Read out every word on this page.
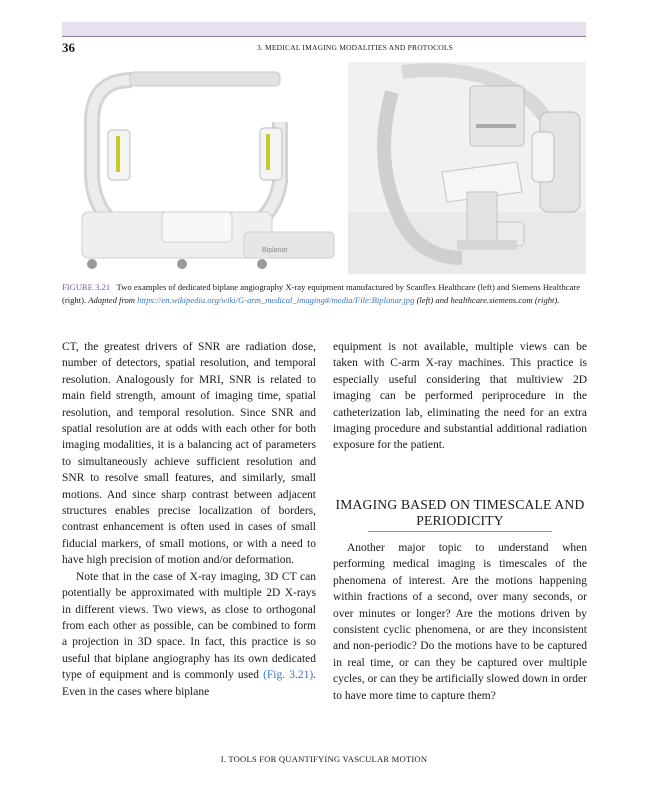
36	3. MEDICAL IMAGING MODALITIES AND PROTOCOLS
Biplanar
FIGURE 3.21 Two examples of dedicated biplane angiography X-ray equipment manufactured by Scanflex Healthcare (left) and Siemens Healthcare (right). Adapted from https://en.wikipedia.org/wiki/G-arm_medical_imaging#/media/File:Biplanar.jpg (left) and healthcare.siemens.com (right).

CT, the greatest drivers of SNR are radiation dose, number of detectors, spatial resolution, and temporal resolution. Analogously for MRI, SNR is related to main field strength, amount of imaging time, spatial resolution, and temporal resolution. Since SNR and spatial resolution are at odds with each other for both imaging modalities, it is a balancing act of parameters to simultaneously achieve sufficient resolution and SNR to resolve small features, and similarly, small motions. And since sharp contrast between adjacent structures enables precise localization of borders, contrast enhancement is often used in cases of small fiducial markers, of small motions, or with a need to have high precision of motion and/or deformation.

Note that in the case of X-ray imaging, 3D CT can potentially be approximated with multiple 2D X-rays in different views. Two views, as close to orthogonal from each other as possible, can be combined to form a projection in 3D space. In fact, this practice is so useful that biplane angiography has its own dedicated type of equipment and is commonly used (Fig. 3.21). Even in the cases where biplane

equipment is not available, multiple views can be taken with C-arm X-ray machines. This practice is especially useful considering that multiview 2D imaging can be performed periprocedure in the catheterization lab, eliminating the need for an extra imaging procedure and substantial additional radiation exposure for the patient.

IMAGING BASED ON TIMESCALE AND PERIODICITY

Another major topic to understand when performing medical imaging is timescales of the phenomena of interest. Are the motions happening within fractions of a second, over many seconds, or over minutes or longer? Are the motions driven by consistent cyclic phenomena, or are they inconsistent and non-periodic? Do the motions have to be captured in real time, or can they be captured over multiple cycles, or can they be artificially slowed down in order to have more time to capture them?

I. TOOLS FOR QUANTIFYING VASCULAR MOTION
